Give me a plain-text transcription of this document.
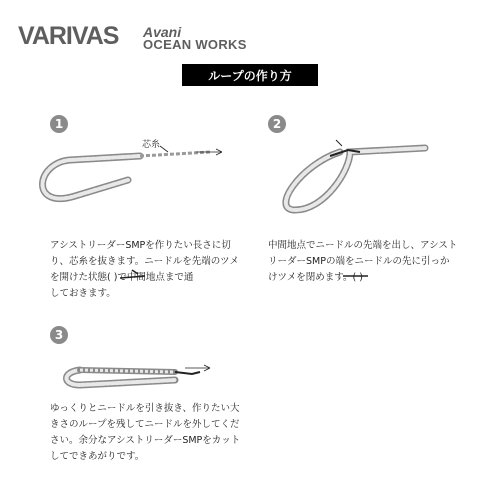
VARIVAS Avani
OCEAN WORKS
ループの作り方
1	2
3
芯糸
アシストリーダーSMPを作りたい長さに切
り、芯糸を抜きます。ニードルを先端のツメ
を開けた状態( )で中間地点まで通
しておきます。
中間地点でニードルの先端を出し、アシスト
リーダーSMPの端をニードルの先に引っか
けツメを閉めます。( )
ゆっくりとニードルを引き抜き、作りたい大
きさのループを残してニードルを外してくだ
さい。余分なアシストリーダーSMPをカット
してできあがりです。
